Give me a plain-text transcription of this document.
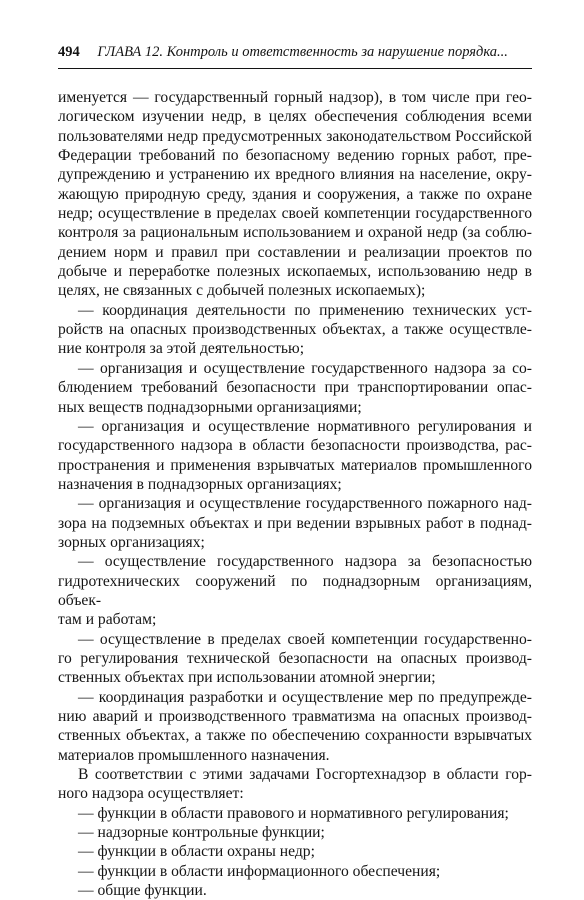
494 ГЛАВА 12. Контроль и ответственность за нарушение порядка...
именуется — государственный горный надзор), в том числе при гео-
логическом изучении недр, в целях обеспечения соблюдения всеми
пользователями недр предусмотренных законодательством Российской
Федерации требований по безопасному ведению горных работ, пре-
дупреждению и устранению их вредного влияния на население, окру-
жающую природную среду, здания и сооружения, а также по охране
недр; осуществление в пределах своей компетенции государственного
контроля за рациональным использованием и охраной недр (за соблю-
дением норм и правил при составлении и реализации проектов по
добыче и переработке полезных ископаемых, использованию недр в
целях, не связанных с добычей полезных ископаемых);
— координация деятельности по применению технических уст-
ройств на опасных производственных объектах, а также осуществле-
ние контроля за этой деятельностью;
— организация и осуществление государственного надзора за со-
блюдением требований безопасности при транспортировании опас-
ных веществ поднадзорными организациями;
— организация и осуществление нормативного регулирования и
государственного надзора в области безопасности производства, рас-
пространения и применения взрывчатых материалов промышленного
назначения в поднадзорных организациях;
— организация и осуществление государственного пожарного над-
зора на подземных объектах и при ведении взрывных работ в поднад-
зорных организациях;
— осуществление государственного надзора за безопасностью
гидротехнических сооружений по поднадзорным организациям, объек-
там и работам;
— осуществление в пределах своей компетенции государственно-
го регулирования технической безопасности на опасных производ-
ственных объектах при использовании атомной энергии;
— координация разработки и осуществление мер по предупрежде-
нию аварий и производственного травматизма на опасных производ-
ственных объектах, а также по обеспечению сохранности взрывчатых
материалов промышленного назначения.
В соответствии с этими задачами Госгортехнадзор в области гор-
ного надзора осуществляет:
— функции в области правового и нормативного регулирования;
— надзорные контрольные функции;
— функции в области охраны недр;
— функции в области информационного обеспечения;
— общие функции.
